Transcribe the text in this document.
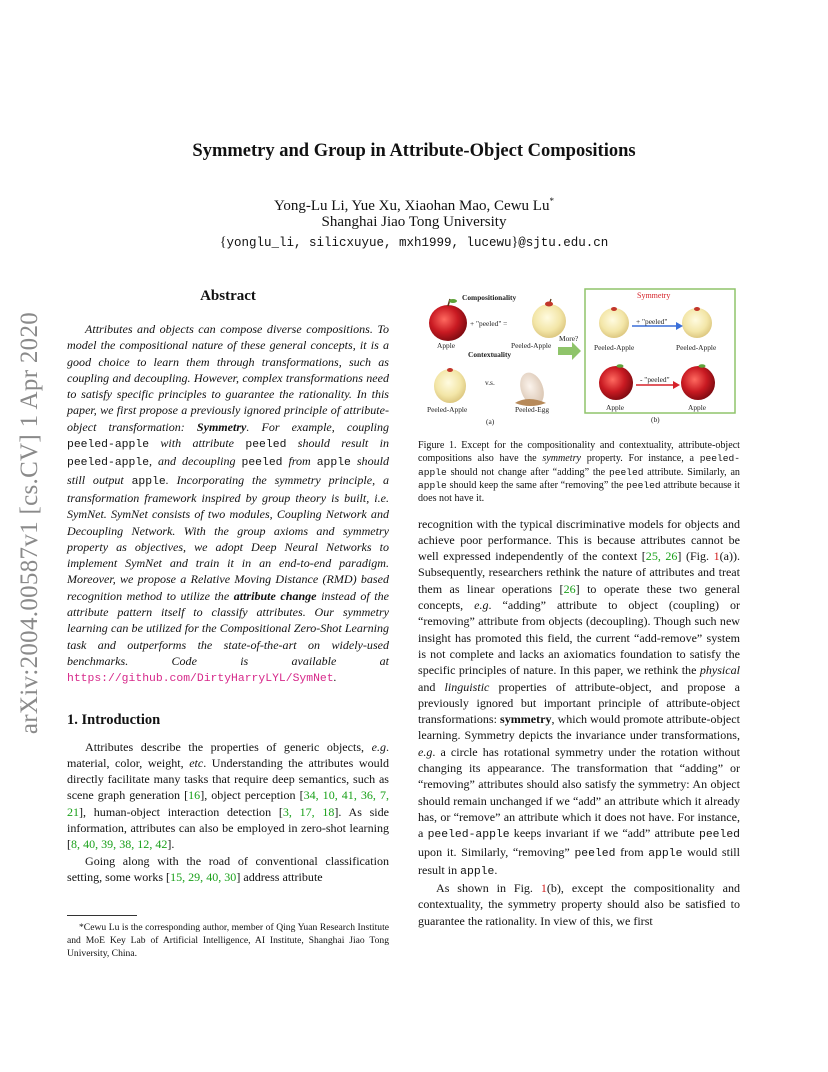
arXiv:2004.00587v1 [cs.CV] 1 Apr 2020
Symmetry and Group in Attribute-Object Compositions
Yong-Lu Li, Yue Xu, Xiaohan Mao, Cewu Lu*
Shanghai Jiao Tong University
{yonglu_li, silicxuyue, mxh1999, lucewu}@sjtu.edu.cn
Abstract

Attributes and objects can compose diverse compositions. To model the compositional nature of these general concepts, it is a good choice to learn them through transformations, such as coupling and decoupling. However, complex transformations need to satisfy specific principles to guarantee the rationality. In this paper, we first propose a previously ignored principle of attribute-object transformation: Symmetry. For example, coupling peeled-apple with attribute peeled should result in peeled-apple, and decoupling peeled from apple should still output apple. Incorporating the symmetry principle, a transformation framework inspired by group theory is built, i.e. SymNet. SymNet consists of two modules, Coupling Network and Decoupling Network. With the group axioms and symmetry property as objectives, we adopt Deep Neural Networks to implement SymNet and train it in an end-to-end paradigm. Moreover, we propose a Relative Moving Distance (RMD) based recognition method to utilize the attribute change instead of the attribute pattern itself to classify attributes. Our symmetry learning can be utilized for the Compositional Zero-Shot Learning task and outperforms the state-of-the-art on widely-used benchmarks. Code is available at https://github.com/DirtyHarryLYL/SymNet.

1. Introduction

Attributes describe the properties of generic objects, e.g. material, color, weight, etc. Understanding the attributes would directly facilitate many tasks that require deep semantics, such as scene graph generation [16], object perception [34, 10, 41, 36, 7, 21], human-object interaction detection [3, 17, 18]. As side information, attributes can also be employed in zero-shot learning [8, 40, 39, 38, 12, 42].

Going along with the road of conventional classification setting, some works [15, 29, 40, 30] address attribute

*Cewu Lu is the corresponding author, member of Qing Yuan Research Institute and MoE Key Lab of Artificial Intelligence, AI Institute, Shanghai Jiao Tong University, China.
Compositionality
+ "peeled" =
Apple	Peeled-Apple
Contextuality
More?
v.s.
Peeled-Apple	Peeled-Egg
(a)
Symmetry
+ "peeled"
Peeled-Apple	Peeled-Apple
- "peeled"
Apple	Apple
(b)

Figure 1. Except for the compositionality and contextuality, attribute-object compositions also have the symmetry property. For instance, a peeled-apple should not change after “adding” the peeled attribute. Similarly, an apple should keep the same after “removing” the peeled attribute because it does not have it.

recognition with the typical discriminative models for objects and achieve poor performance. This is because attributes cannot be well expressed independently of the context [25, 26] (Fig. 1(a)). Subsequently, researchers rethink the nature of attributes and treat them as linear operations [26] to operate these two general concepts, e.g. “adding” attribute to object (coupling) or “removing” attribute from objects (decoupling). Though such new insight has promoted this field, the current “add-remove” system is not complete and lacks an axiomatics foundation to satisfy the specific principles of nature. In this paper, we rethink the physical and linguistic properties of attribute-object, and propose a previously ignored but important principle of attribute-object transformations: symmetry, which would promote attribute-object learning. Symmetry depicts the invariance under transformations, e.g. a circle has rotational symmetry under the rotation without changing its appearance. The transformation that “adding” or “removing” attributes should also satisfy the symmetry: An object should remain unchanged if we “add” an attribute which it already has, or “remove” an attribute which it does not have. For instance, a peeled-apple keeps invariant if we “add” attribute peeled upon it. Similarly, “removing” peeled from apple would still result in apple.

As shown in Fig. 1(b), except the compositionality and contextuality, the symmetry property should also be satisfied to guarantee the rationality. In view of this, we first
